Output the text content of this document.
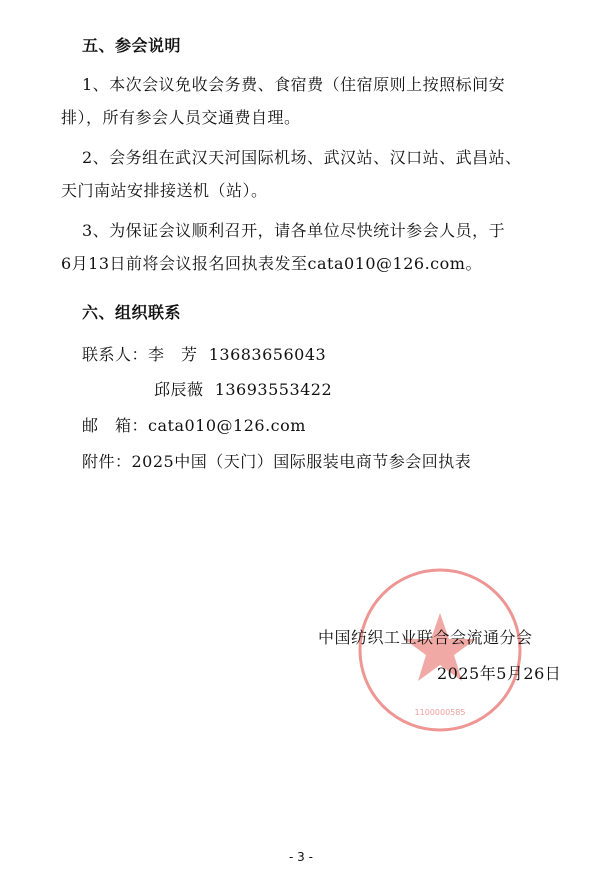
五、参会说明
1、本次会议免收会务费、食宿费（住宿原则上按照标间安
排），所有参会人员交通费自理。
2、会务组在武汉天河国际机场、武汉站、汉口站、武昌站、
天门南站安排接送机（站）。
3、为保证会议顺利召开，请各单位尽快统计参会人员，于
6月13日前将会议报名回执表发至cata010@126.com。
六、组织联系
联系人：李　芳 13683656043
邱辰薇 13693553422
邮　箱：cata010@126.com
附件：2025中国（天门）国际服装电商节参会回执表
1100000585
中国纺织工业联合会流通分会
2025年5月26日
- 3 -
